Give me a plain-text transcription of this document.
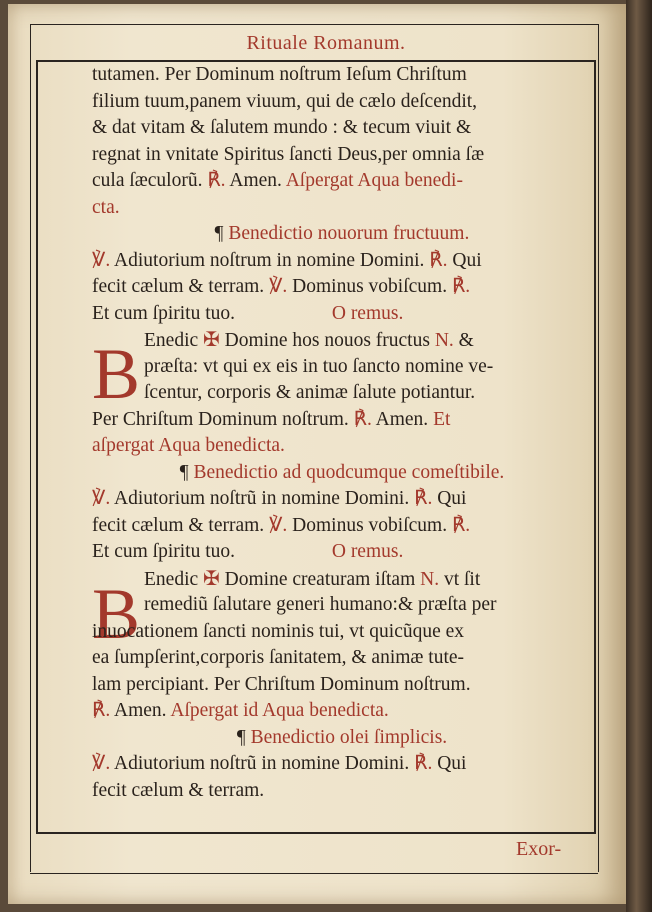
Rituale Romanum.
B
B
tutamen. Per Dominum noſtrum Ieſum Chriſtum
filium tuum,panem viuum, qui de cælo deſcendit,
& dat vitam & ſalutem mundo : & tecum viuit &
regnat in vnitate Spiritus ſancti Deus,per omnia ſæ
cula ſæculorũ. ℟. Amen. Aſpergat Aqua benedi-
cta.
¶ Benedictio nouorum fructuum.
℣. Adiutorium noſtrum in nomine Domini. ℟. Qui
fecit cælum & terram. ℣. Dominus vobiſcum. ℟.
Et cum ſpiritu tuo.	O remus.
Enedic ✠ Domine hos nouos fructus N. &
præſta: vt qui ex eis in tuo ſancto nomine ve-
ſcentur, corporis & animæ ſalute potiantur.
Per Chriſtum Dominum noſtrum. ℟. Amen. Et
aſpergat Aqua benedicta.
¶ Benedictio ad quodcumque comeſtibile.
℣. Adiutorium noſtrũ in nomine Domini. ℟. Qui
fecit cælum & terram. ℣. Dominus vobiſcum. ℟.
Et cum ſpiritu tuo.	O remus.
Enedic ✠ Domine creaturam iſtam N. vt ſit
remediũ ſalutare generi humano:& præſta per
inuocationem ſancti nominis tui, vt quicũque ex
ea ſumpſerint,corporis ſanitatem, & animæ tute-
lam percipiant. Per Chriſtum Dominum noſtrum.
℟. Amen. Aſpergat id Aqua benedicta.
¶ Benedictio olei ſimplicis.
℣. Adiutorium noſtrũ in nomine Domini. ℟. Qui
fecit cælum & terram.
Exor-
